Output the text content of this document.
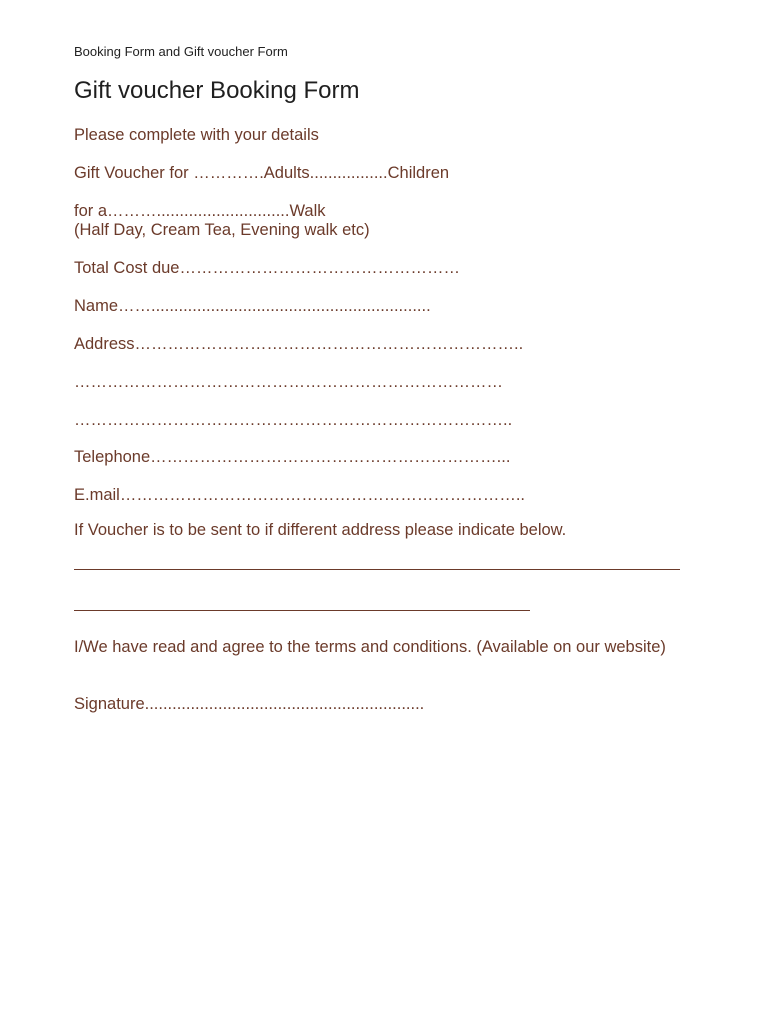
Booking Form and Gift voucher Form
Gift voucher Booking Form
Please complete with your details
Gift Voucher for ………….Adults.................Children
for a……….............................Walk
(Half Day, Cream Tea, Evening walk etc)
Total Cost due……………………………………………
Name…….............................................................
Address……………………………………………………………..
……………………………………………………………………
……………………………………………………………………..
Telephone………………………………………………………...
E.mail………………………………………………………………..
If Voucher is to be sent to if different address please indicate below.
I/We have read and agree to the terms and conditions. (Available on our website)
Signature.............................................................
